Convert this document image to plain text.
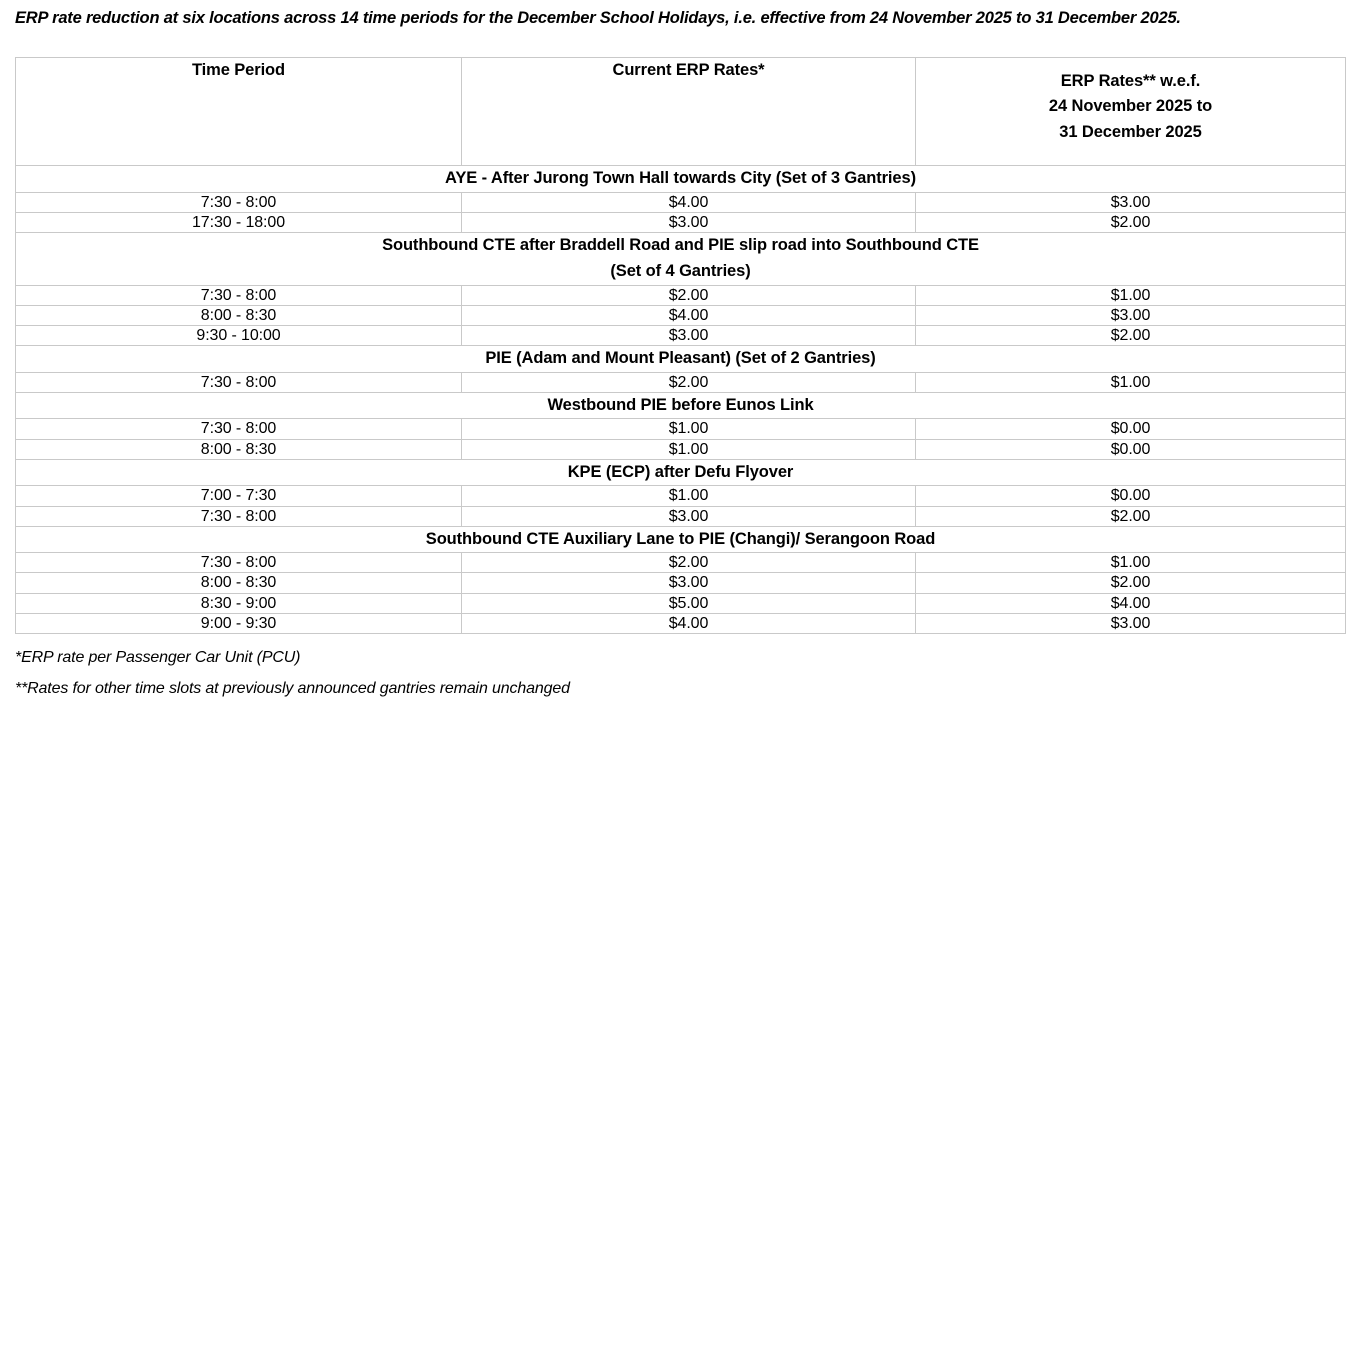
ERP rate reduction at six locations across 14 time periods for the December School Holidays, i.e. effective from 24 November 2025 to 31 December 2025.
Time Period	Current ERP Rates*	ERP Rates** w.e.f.
24 November 2025 to
31 December 2025

AYE - After Jurong Town Hall towards City (Set of 3 Gantries)		

7:30 - 8:00	$4.00	$3.00
17:30 - 18:00	$3.00	$2.00

Southbound CTE after Braddell Road and PIE slip road into Southbound CTE
(Set of 4 Gantries)		

7:30 - 8:00	$2.00	$1.00
8:00 - 8:30	$4.00	$3.00
9:30 - 10:00	$3.00	$2.00

PIE (Adam and Mount Pleasant) (Set of 2 Gantries)		

7:30 - 8:00	$2.00	$1.00

Westbound PIE before Eunos Link		

7:30 - 8:00	$1.00	$0.00
8:00 - 8:30	$1.00	$0.00

KPE (ECP) after Defu Flyover		

7:00 - 7:30	$1.00	$0.00
7:30 - 8:00	$3.00	$2.00

Southbound CTE Auxiliary Lane to PIE (Changi)/ Serangoon Road		

7:30 - 8:00	$2.00	$1.00
8:00 - 8:30	$3.00	$2.00
8:30 - 9:00	$5.00	$4.00
9:00 - 9:30	$4.00	$3.00
*ERP rate per Passenger Car Unit (PCU)
**Rates for other time slots at previously announced gantries remain unchanged
